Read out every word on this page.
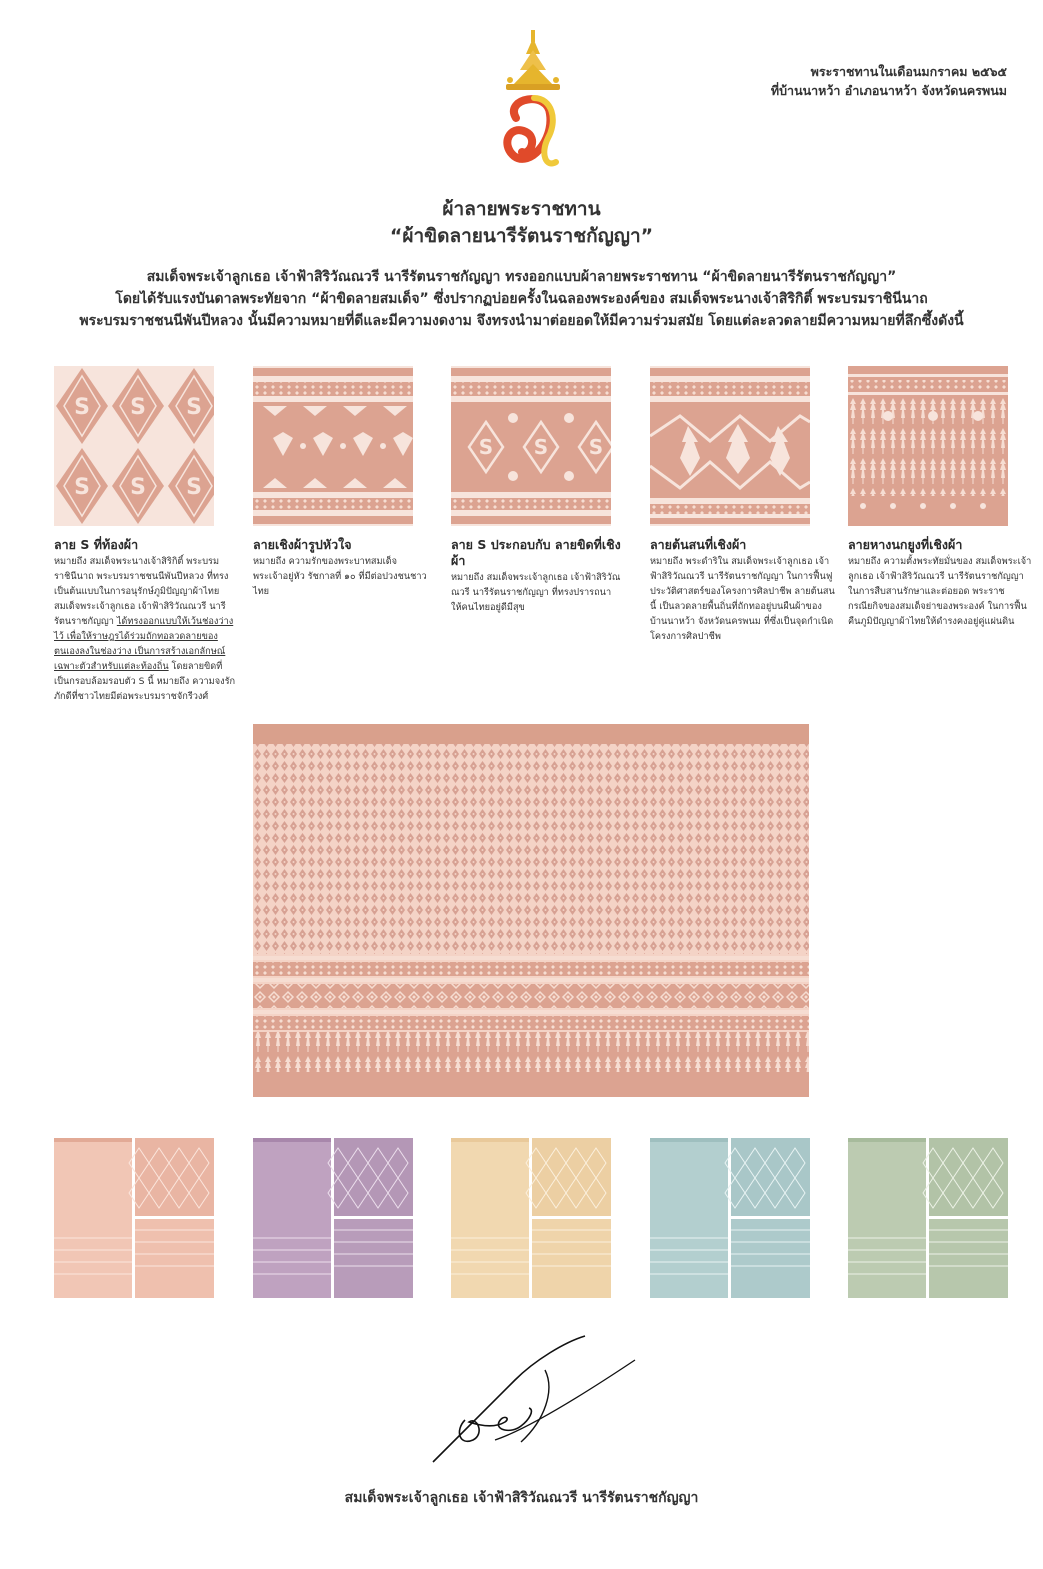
พระราชทานในเดือนมกราคม ๒๕๖๕
ที่บ้านนาหว้า อำเภอนาหว้า จังหวัดนครพนม
ผ้าลายพระราชทาน
“ผ้าขิดลายนารีรัตนราชกัญญา”
สมเด็จพระเจ้าลูกเธอ เจ้าฟ้าสิริวัณณวรี นารีรัตนราชกัญญา ทรงออกแบบผ้าลายพระราชทาน “ผ้าขิดลายนารีรัตนราชกัญญา”
โดยได้รับแรงบันดาลพระทัยจาก “ผ้าขิดลายสมเด็จ” ซึ่งปรากฏบ่อยครั้งในฉลองพระองค์ของ สมเด็จพระนางเจ้าสิริกิติ์ พระบรมราชินีนาถ
พระบรมราชชนนีพันปีหลวง นั้นมีความหมายที่ดีและมีความงดงาม จึงทรงนำมาต่อยอดให้มีความร่วมสมัย โดยแต่ละลวดลายมีความหมายที่ลึกซึ้งดังนี้
S S S
ลาย S ที่ท้องผ้า

หมายถึง สมเด็จพระนางเจ้าสิริกิติ์ พระบรมราชินีนาถ พระบรมราชชนนีพันปีหลวง ที่ทรงเป็นต้นแบบในการอนุรักษ์ภูมิปัญญาผ้าไทย สมเด็จพระเจ้าลูกเธอ เจ้าฟ้าสิริวัณณวรี นารีรัตนราชกัญญา ได้ทรงออกแบบให้เว้นช่องว่างไว้ เพื่อให้ราษฎรได้ร่วมถักทอลวดลายของตนเองลงในช่องว่าง เป็นการสร้างเอกลักษณ์เฉพาะตัวสำหรับแต่ละท้องถิ่น โดยลายขิดที่เป็นกรอบล้อมรอบตัว S นี้ หมายถึง ความจงรักภักดีที่ชาวไทยมีต่อพระบรมราชจักรีวงศ์

ลายเชิงผ้ารูปหัวใจ

หมายถึง ความรักของพระบาทสมเด็จพระเจ้าอยู่หัว รัชกาลที่ ๑๐ ที่มีต่อปวงชนชาวไทย

ลาย S ประกอบกับ ลายขิดที่เชิงผ้า

หมายถึง สมเด็จพระเจ้าลูกเธอ เจ้าฟ้าสิริวัณณวรี นารีรัตนราชกัญญา ที่ทรงปรารถนาให้คนไทยอยู่ดีมีสุข

ลายต้นสนที่เชิงผ้า

หมายถึง พระดำริใน สมเด็จพระเจ้าลูกเธอ เจ้าฟ้าสิริวัณณวรี นารีรัตนราชกัญญา ในการฟื้นฟูประวัติศาสตร์ของโครงการศิลปาชีพ ลายต้นสนนี้ เป็นลวดลายพื้นถิ่นที่ถักทออยู่บนผืนผ้าของบ้านนาหว้า จังหวัดนครพนม ที่ซึ่งเป็นจุดกำเนิดโครงการศิลปาชีพ

ลายหางนกยูงที่เชิงผ้า

หมายถึง ความตั้งพระทัยมั่นของ สมเด็จพระเจ้าลูกเธอ เจ้าฟ้าสิริวัณณวรี นารีรัตนราชกัญญา ในการสืบสานรักษาและต่อยอด พระราชกรณียกิจของสมเด็จย่าของพระองค์ ในการฟื้นคืนภูมิปัญญาผ้าไทยให้ดำรงคงอยู่คู่แผ่นดิน

สมเด็จพระเจ้าลูกเธอ เจ้าฟ้าสิริวัณณวรี นารีรัตนราชกัญญา
